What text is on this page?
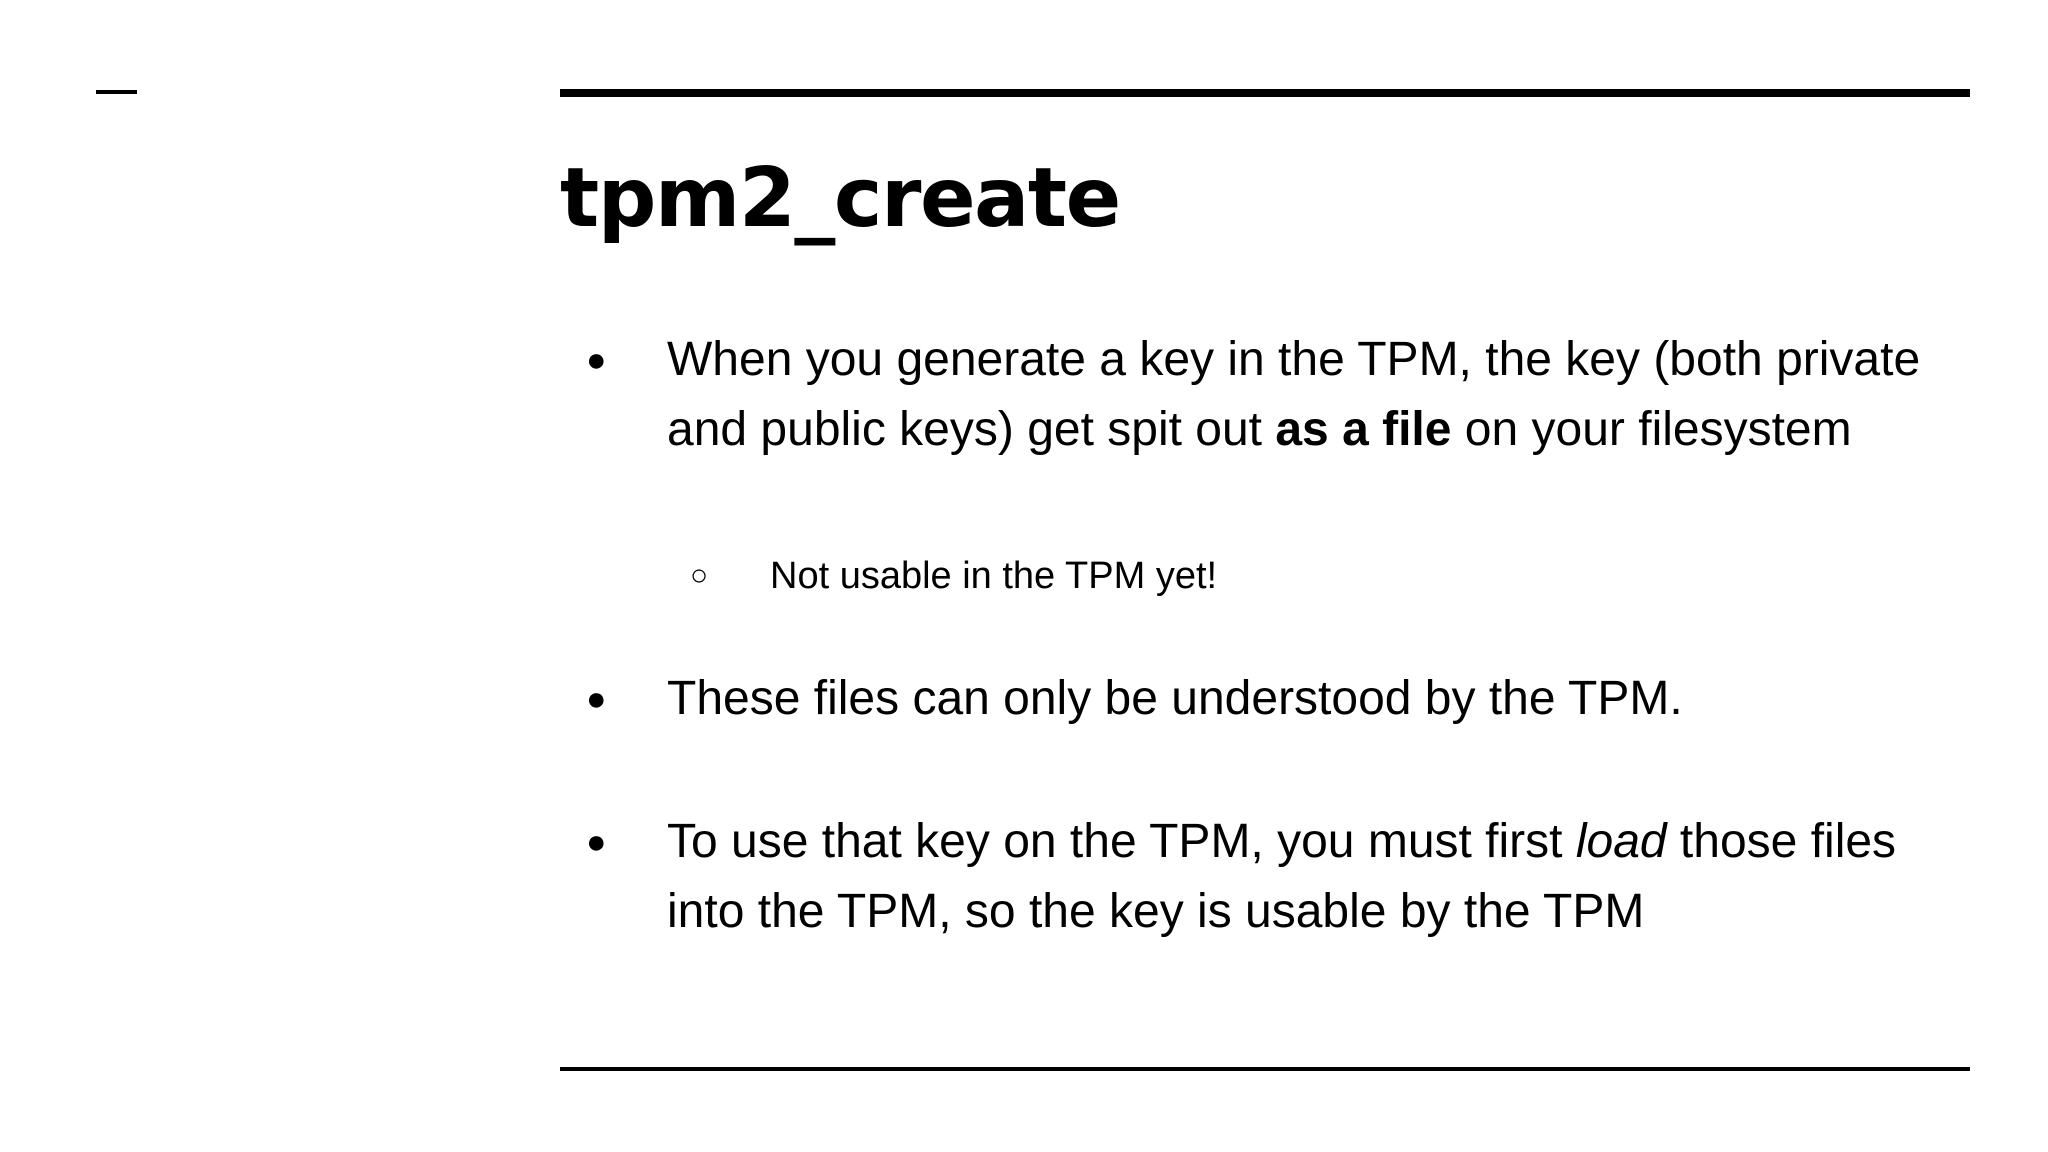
tpm2_create
● When you generate a key in the TPM, the key (both private and public keys) get spit out as a file on your filesystem
○ Not usable in the TPM yet!
● These files can only be understood by the TPM.
● To use that key on the TPM, you must first load those files into the TPM, so the key is usable by the TPM
